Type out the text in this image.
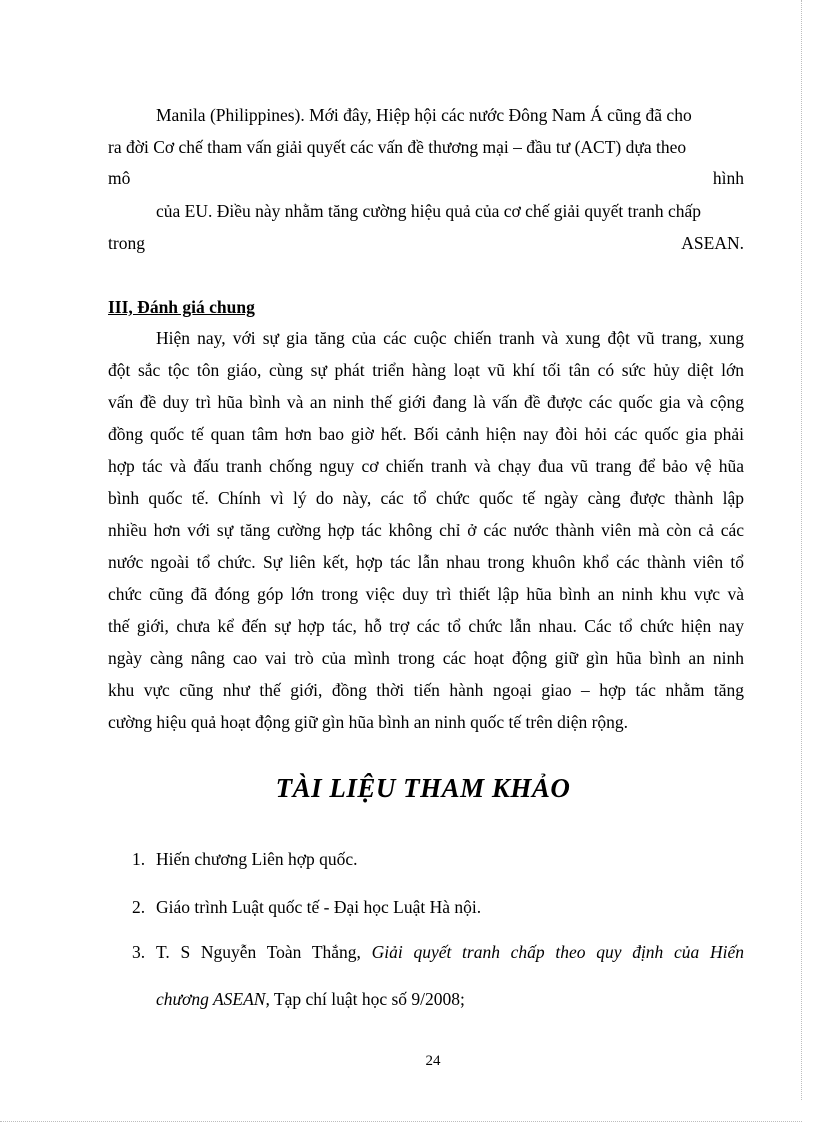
Manila (Philippines). Mới đây, Hiệp hội các nước Đông Nam Á cũng đã cho
ra đời Cơ chế tham vấn giải quyết các vấn đề thương mại – đầu tư (ACT) dựa theo
mô	hình
của EU. Điều này nhằm tăng cường hiệu quả của cơ chế giải quyết tranh chấp
trong	ASEAN.
III, Đánh giá chung
Hiện nay, với sự gia tăng của các cuộc chiến tranh và xung đột vũ trang, xung
đột sắc tộc tôn giáo, cùng sự phát triển hàng loạt vũ khí tối tân có sức hủy diệt lớn
vấn đề duy trì hũa bình và an ninh thế giới đang là vấn đề được các quốc gia và cộng
đồng quốc tế quan tâm hơn bao giờ hết. Bối cảnh hiện nay đòi hỏi các quốc gia phải
hợp tác và đấu tranh chống nguy cơ chiến tranh và chạy đua vũ trang để bảo vệ hũa
bình quốc tế. Chính vì lý do này, các tổ chức quốc tế ngày càng được thành lập
nhiều hơn với sự tăng cường hợp tác không chỉ ở các nước thành viên mà còn cả các
nước ngoài tổ chức. Sự liên kết, hợp tác lẫn nhau trong khuôn khổ các thành viên tổ
chức cũng đã đóng góp lớn trong việc duy trì thiết lập hũa bình an ninh khu vực và
thế giới, chưa kể đến sự hợp tác, hỗ trợ các tổ chức lẫn nhau. Các tổ chức hiện nay
ngày càng nâng cao vai trò của mình trong các hoạt động giữ gìn hũa bình an ninh
khu vực cũng như thế giới, đồng thời tiến hành ngoại giao – hợp tác nhằm tăng
cường hiệu quả hoạt động giữ gìn hũa bình an ninh quốc tế trên diện rộng.
TÀI LIỆU THAM KHẢO
1. Hiến chương Liên hợp quốc.
2. Giáo trình Luật quốc tế - Đại học Luật Hà nội.
3. T. S Nguyễn Toàn Thắng, Giải quyết tranh chấp theo quy định của Hiến
chương ASEAN, Tạp chí luật học số 9/2008;
24
